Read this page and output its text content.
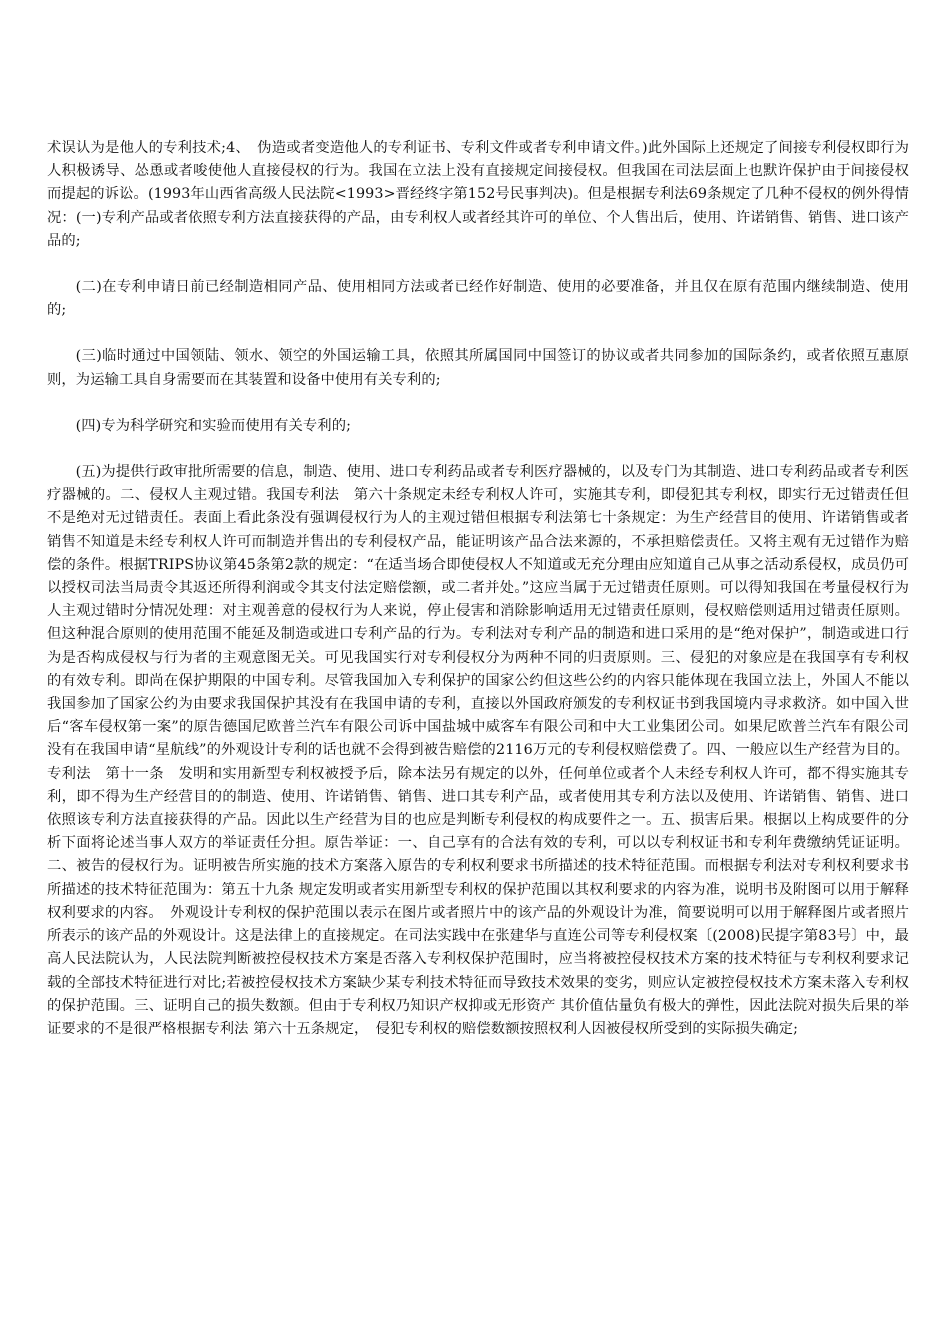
术误认为是他人的专利技术;4、　伪造或者变造他人的专利证书、专利文件或者专利申请文件。)此外国际上还规定了间接专利侵权即行为人积极诱导、怂恿或者唆使他人直接侵权的行为。我国在立法上没有直接规定间接侵权。但我国在司法层面上也默许保护由于间接侵权而提起的诉讼。(1993年山西省高级人民法院<1993>晋经终字第152号民事判决)。但是根据专利法69条规定了几种不侵权的例外得情况：(一)专利产品或者依照专利方法直接获得的产品，由专利权人或者经其许可的单位、个人售出后，使用、许诺销售、销售、进口该产品的;

(二)在专利申请日前已经制造相同产品、使用相同方法或者已经作好制造、使用的必要准备，并且仅在原有范围内继续制造、使用的;

(三)临时通过中国领陆、领水、领空的外国运输工具，依照其所属国同中国签订的协议或者共同参加的国际条约，或者依照互惠原则，为运输工具自身需要而在其装置和设备中使用有关专利的;

(四)专为科学研究和实验而使用有关专利的;

(五)为提供行政审批所需要的信息，制造、使用、进口专利药品或者专利医疗器械的，以及专门为其制造、进口专利药品或者专利医疗器械的。二、侵权人主观过错。我国专利法　第六十条规定未经专利权人许可，实施其专利，即侵犯其专利权，即实行无过错责任但不是绝对无过错责任。表面上看此条没有强调侵权行为人的主观过错但根据专利法第七十条规定：为生产经营目的使用、许诺销售或者销售不知道是未经专利权人许可而制造并售出的专利侵权产品，能证明该产品合法来源的，不承担赔偿责任。又将主观有无过错作为赔偿的条件。根据TRIPS协议第45条第2款的规定：“在适当场合即使侵权人不知道或无充分理由应知道自己从事之活动系侵权，成员仍可以授权司法当局责令其返还所得利润或令其支付法定赔偿额，或二者并处。”这应当属于无过错责任原则。可以得知我国在考量侵权行为人主观过错时分情况处理：对主观善意的侵权行为人来说，停止侵害和消除影响适用无过错责任原则，侵权赔偿则适用过错责任原则。但这种混合原则的使用范围不能延及制造或进口专利产品的行为。专利法对专利产品的制造和进口采用的是“绝对保护”，制造或进口行为是否构成侵权与行为者的主观意图无关。可见我国实行对专利侵权分为两种不同的归责原则。三、侵犯的对象应是在我国享有专利权的有效专利。即尚在保护期限的中国专利。尽管我国加入专利保护的国家公约但这些公约的内容只能体现在我国立法上，外国人不能以我国参加了国家公约为由要求我国保护其没有在我国申请的专利，直接以外国政府颁发的专利权证书到我国境内寻求救济。如中国入世后“客车侵权第一案”的原告德国尼欧普兰汽车有限公司诉中国盐城中威客车有限公司和中大工业集团公司。如果尼欧普兰汽车有限公司没有在我国申请“星航线”的外观设计专利的话也就不会得到被告赔偿的2116万元的专利侵权赔偿费了。四、一般应以生产经营为目的。专利法　第十一条　发明和实用新型专利权被授予后，除本法另有规定的以外，任何单位或者个人未经专利权人许可，都不得实施其专利，即不得为生产经营目的的制造、使用、许诺销售、销售、进口其专利产品，或者使用其专利方法以及使用、许诺销售、销售、进口依照该专利方法直接获得的产品。因此以生产经营为目的也应是判断专利侵权的构成要件之一。五、损害后果。根据以上构成要件的分析下面将论述当事人双方的举证责任分担。原告举证：一、自己享有的合法有效的专利，可以以专利权证书和专利年费缴纳凭证证明。二、被告的侵权行为。证明被告所实施的技术方案落入原告的专利权利要求书所描述的技术特征范围。而根据专利法对专利权利要求书所描述的技术特征范围为：第五十九条 规定发明或者实用新型专利权的保护范围以其权利要求的内容为准，说明书及附图可以用于解释权利要求的内容。　外观设计专利权的保护范围以表示在图片或者照片中的该产品的外观设计为准，简要说明可以用于解释图片或者照片所表示的该产品的外观设计。这是法律上的直接规定。在司法实践中在张建华与直连公司等专利侵权案〔(2008)民提字第83号〕中，最高人民法院认为，人民法院判断被控侵权技术方案是否落入专利权保护范围时，应当将被控侵权技术方案的技术特征与专利权利要求记载的全部技术特征进行对比;若被控侵权技术方案缺少某专利技术特征而导致技术效果的变劣，则应认定被控侵权技术方案未落入专利权的保护范围。三、证明自己的损失数额。但由于专利权乃知识产权抑或无形资产 其价值估量负有极大的弹性，因此法院对损失后果的举证要求的不是很严格根据专利法 第六十五条规定，　侵犯专利权的赔偿数额按照权利人因被侵权所受到的实际损失确定;
